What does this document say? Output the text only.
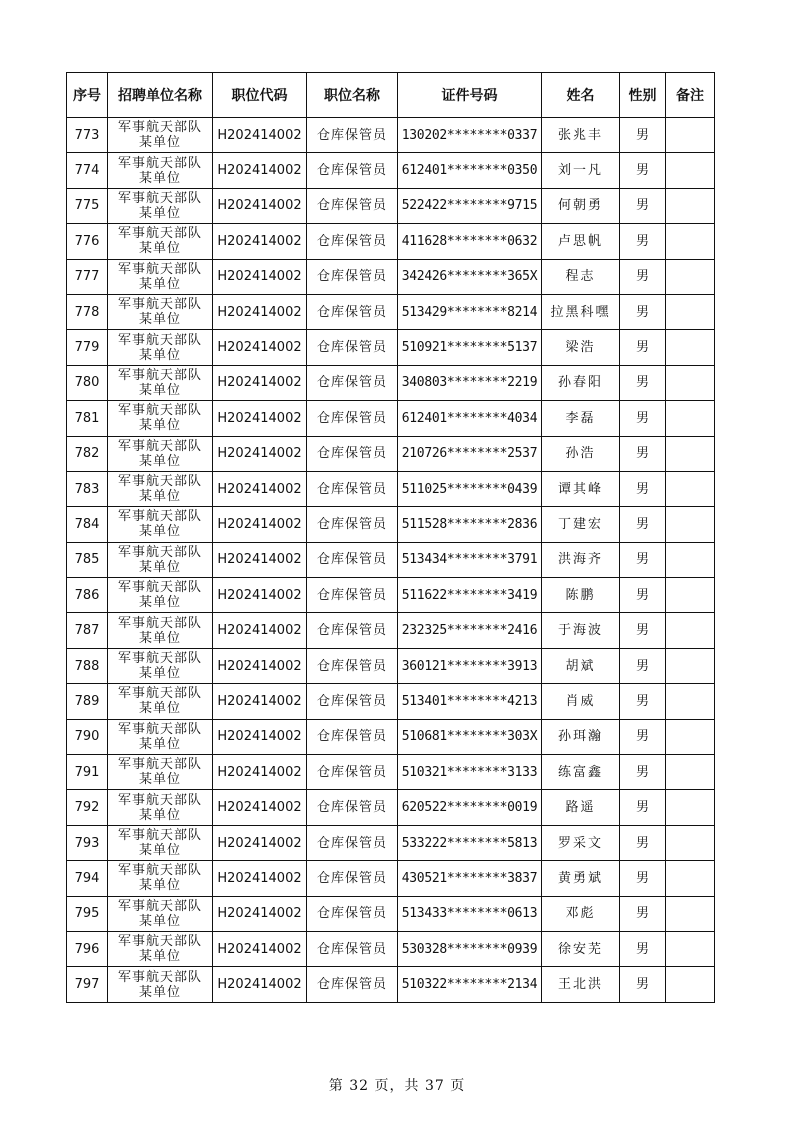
序号	招聘单位名称	职位代码	职位名称	证件号码	姓名	性别	备注
773	军事航天部队
某单位	H202414002	仓库保管员	130202********0337	张兆丰	男	
774	军事航天部队
某单位	H202414002	仓库保管员	612401********0350	刘一凡	男	
775	军事航天部队
某单位	H202414002	仓库保管员	522422********9715	何朝勇	男	
776	军事航天部队
某单位	H202414002	仓库保管员	411628********0632	卢思帆	男	
777	军事航天部队
某单位	H202414002	仓库保管员	342426********365X	程志	男	
778	军事航天部队
某单位	H202414002	仓库保管员	513429********8214	拉黑科嘿	男	
779	军事航天部队
某单位	H202414002	仓库保管员	510921********5137	梁浩	男	
780	军事航天部队
某单位	H202414002	仓库保管员	340803********2219	孙春阳	男	
781	军事航天部队
某单位	H202414002	仓库保管员	612401********4034	李磊	男	
782	军事航天部队
某单位	H202414002	仓库保管员	210726********2537	孙浩	男	
783	军事航天部队
某单位	H202414002	仓库保管员	511025********0439	谭其峰	男	
784	军事航天部队
某单位	H202414002	仓库保管员	511528********2836	丁建宏	男	
785	军事航天部队
某单位	H202414002	仓库保管员	513434********3791	洪海齐	男	
786	军事航天部队
某单位	H202414002	仓库保管员	511622********3419	陈鹏	男	
787	军事航天部队
某单位	H202414002	仓库保管员	232325********2416	于海波	男	
788	军事航天部队
某单位	H202414002	仓库保管员	360121********3913	胡斌	男	
789	军事航天部队
某单位	H202414002	仓库保管员	513401********4213	肖威	男	
790	军事航天部队
某单位	H202414002	仓库保管员	510681********303X	孙珥瀚	男	
791	军事航天部队
某单位	H202414002	仓库保管员	510321********3133	练富鑫	男	
792	军事航天部队
某单位	H202414002	仓库保管员	620522********0019	路遥	男	
793	军事航天部队
某单位	H202414002	仓库保管员	533222********5813	罗采文	男	
794	军事航天部队
某单位	H202414002	仓库保管员	430521********3837	黄勇斌	男	
795	军事航天部队
某单位	H202414002	仓库保管员	513433********0613	邓彪	男	
796	军事航天部队
某单位	H202414002	仓库保管员	530328********0939	徐安芜	男	
797	军事航天部队
某单位	H202414002	仓库保管员	510322********2134	王北洪	男	
第 32 页，共 37 页
